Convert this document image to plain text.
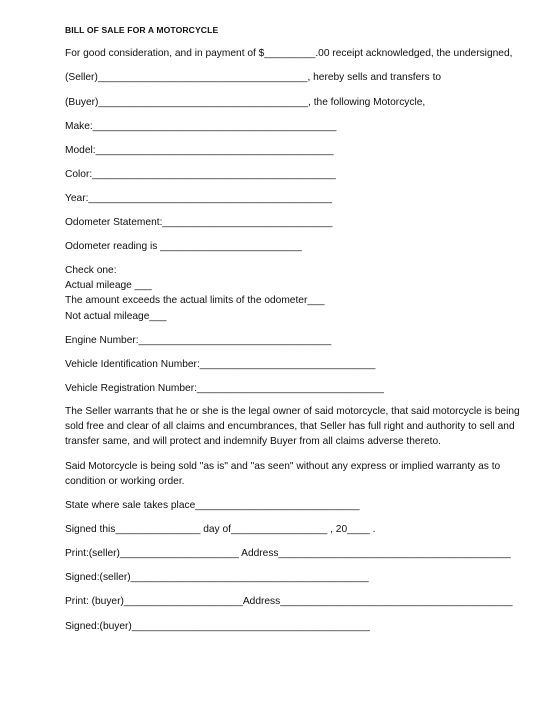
BILL OF SALE FOR A MOTORCYCLE
For good consideration, and in payment of $_________.00 receipt acknowledged, the undersigned,
(Seller)_____________________________________, hereby sells and transfers to
(Buyer)_____________________________________, the following Motorcycle,
Make:___________________________________________
Model:__________________________________________
Color:___________________________________________
Year:___________________________________________
Odometer Statement:______________________________
Odometer reading is _________________________
Check one:
Actual mileage ___
The amount exceeds the actual limits of the odometer___
Not actual mileage___
Engine Number:__________________________________
Vehicle Identification Number:_______________________________
Vehicle Registration Number:_________________________________
The Seller warrants that he or she is the legal owner of said motorcycle, that said motorcycle is being sold free and clear of all claims and encumbrances, that Seller has full right and authority to sell and transfer same, and will protect and indemnify Buyer from all claims adverse thereto.
Said Motorcycle is being sold "as is" and "as seen" without any express or implied warranty as to condition or working order.
State where sale takes place_____________________________
Signed this_______________ day of_________________ , 20____ .
Print:(seller)_____________________ Address_________________________________________
Signed:(seller)__________________________________________
Print: (buyer)_____________________Address_________________________________________
Signed:(buyer)__________________________________________
